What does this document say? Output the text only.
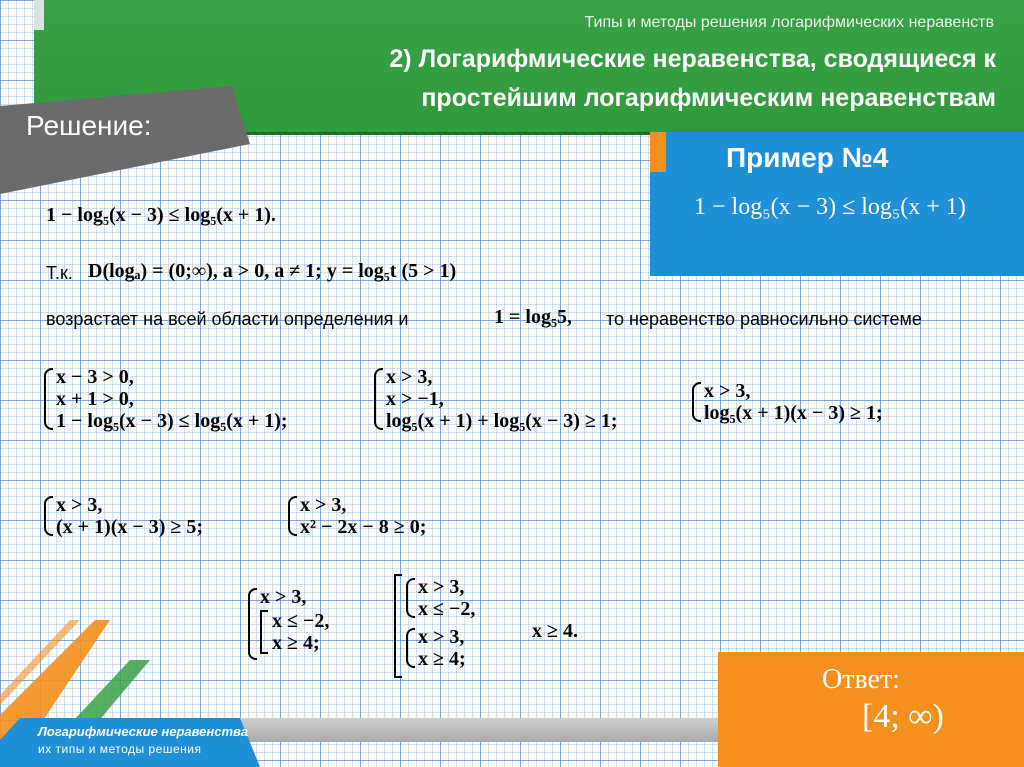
Типы и методы решения логарифмических неравенств
2) Логарифмические неравенства, сводящиеся к простейшим логарифмическим неравенствам
Решение:
Пример №4
1 − log₅(x − 3) ≤ log₅(x + 1)
1 − log₅(x − 3) ≤ log₅(x + 1).
Т.к. D(logₐ) = (0;∞), a > 0, a ≠ 1; y = log₅t (5 > 1)
возрастает на всей области определения и	1 = log₅5, то неравенство равносильно системе
x − 3 > 0,
x + 1 > 0,
1 − log₅(x − 3) ≤ log₅(x + 1);
x > 3,
x > −1,
log₅(x + 1) + log₅(x − 3) ≥ 1;
x > 3,
log₅(x + 1)(x − 3) ≥ 1;
x > 3,
(x + 1)(x − 3) ≥ 5;
x > 3,
x² − 2x − 8 ≥ 0;
x > 3,
x ≤ −2,
x ≥ 4;
x > 3,
x ≤ −2,
x > 3,
x ≥ 4;
x ≥ 4.
Логарифмические неравенства
их типы и методы решения
Ответ:
[4; ∞)
